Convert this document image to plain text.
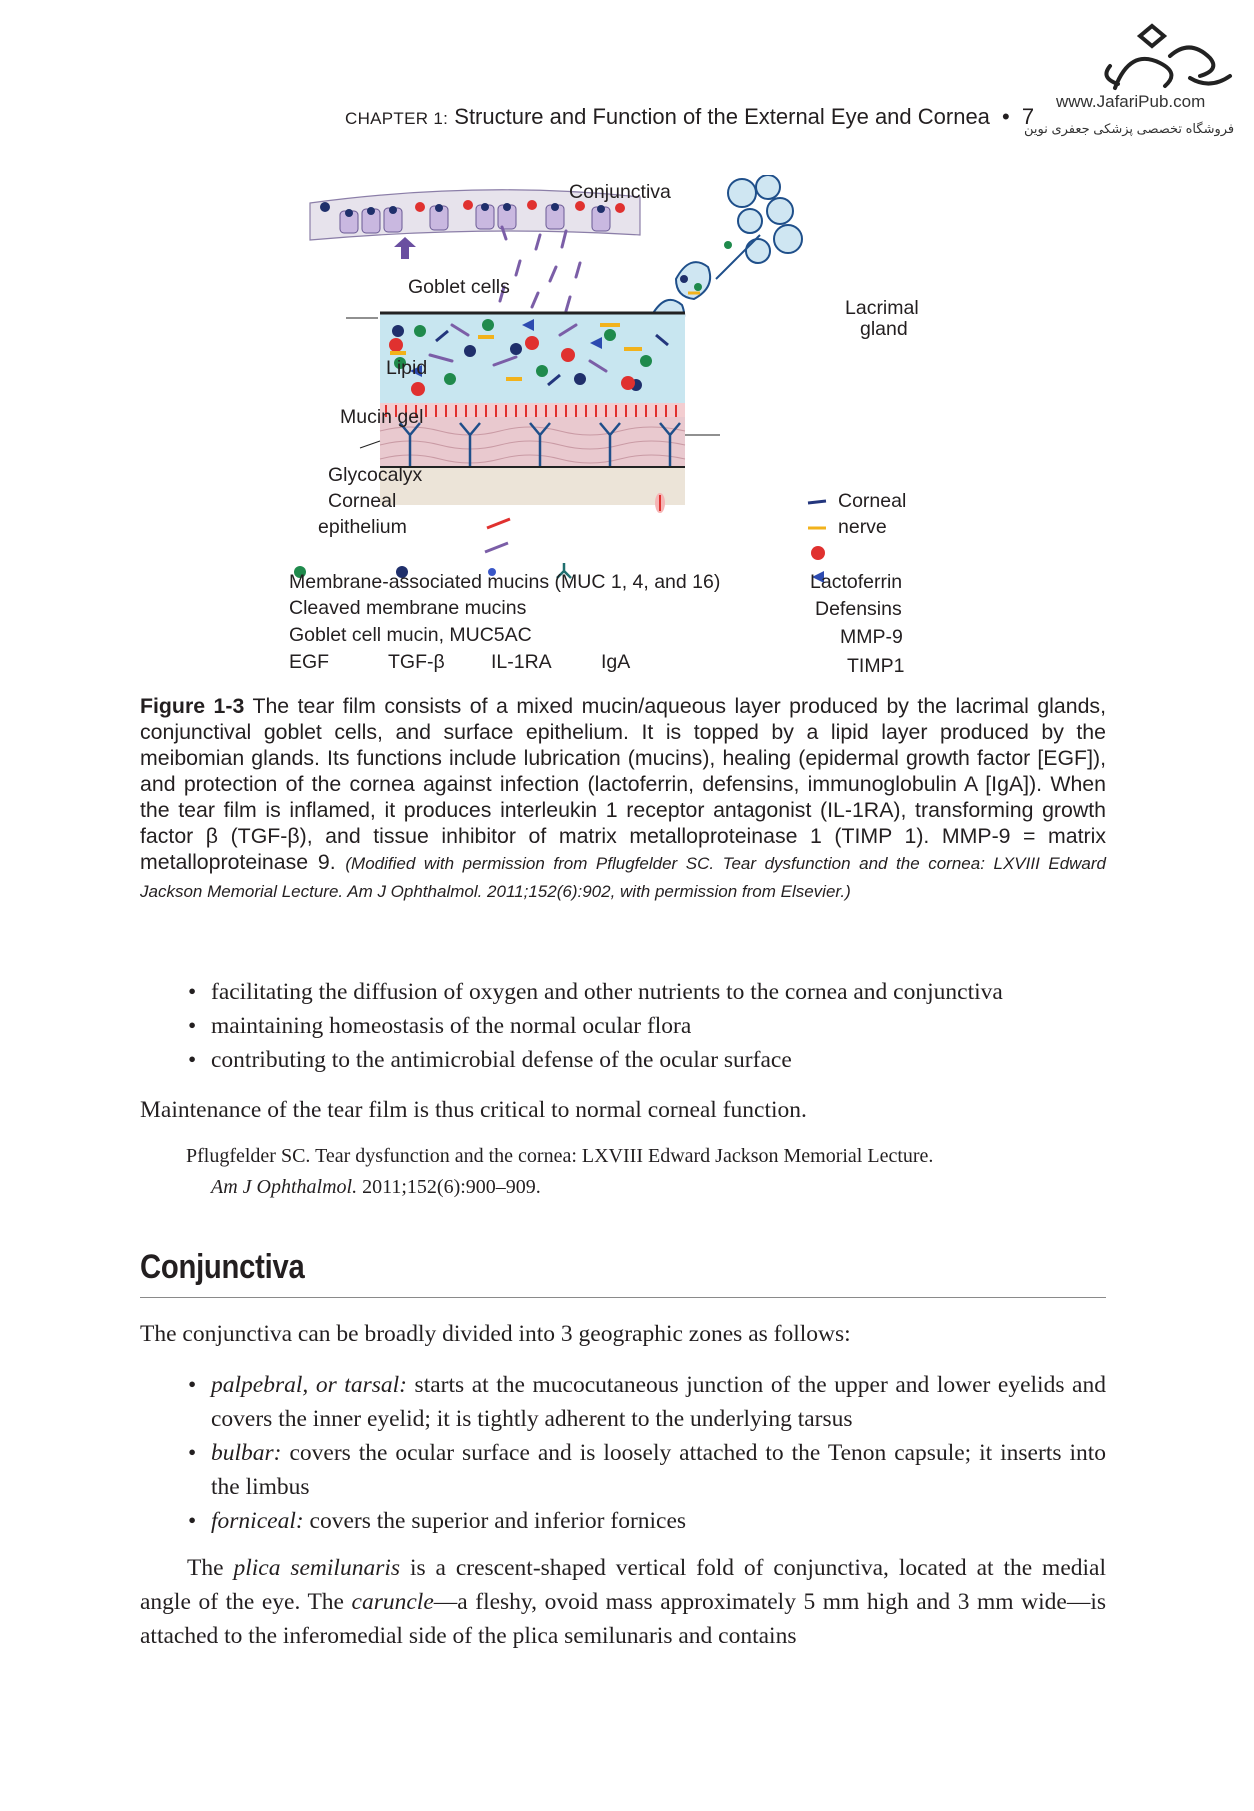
CHAPTER 1: Structure and Function of the External Eye and Cornea • 7
www.JafariPub.com
فروشگاه تخصصی پزشکی جعفری نوین
Conjunctiva
Goblet cells
Lacrimal
gland
Lipid
Mucin gel
Glycocalyx
Corneal
epithelium
Corneal
nerve
Membrane-associated mucins (MUC 1, 4, and 16)
Cleaved membrane mucins
Goblet cell mucin, MUC5AC
EGF	TGF-β IL-1RA	IgA
Lactoferrin
Defensins
MMP-9
TIMP1
Figure 1-3 The tear film consists of a mixed mucin/aqueous layer produced by the lacrimal glands, conjunctival goblet cells, and surface epithelium. It is topped by a lipid layer produced by the meibomian glands. Its functions include lubrication (mucins), healing (epidermal growth factor [EGF]), and protection of the cornea against infection (lactoferrin, defensins, immunoglobulin A [IgA]). When the tear film is inflamed, it produces interleukin 1 receptor antagonist (IL-1RA), transforming growth factor β (TGF-β), and tissue inhibitor of matrix metalloproteinase 1 (TIMP 1). MMP-9 = matrix metalloproteinase 9. (Modified with permission from Pflugfelder SC. Tear dysfunction and the cornea: LXVIII Edward Jackson Memorial Lecture. Am J Ophthalmol. 2011;152(6):902, with permission from Elsevier.)
• facilitating the diffusion of oxygen and other nutrients to the cornea and conjunctiva
• maintaining homeostasis of the normal ocular flora
• contributing to the antimicrobial defense of the ocular surface

Maintenance of the tear film is thus critical to normal corneal function.

Pflugfelder SC. Tear dysfunction and the cornea: LXVIII Edward Jackson Memorial Lecture.
Am J Ophthalmol. 2011;152(6):900–909.
Conjunctiva

The conjunctiva can be broadly divided into 3 geographic zones as follows:

• palpebral, or tarsal: starts at the mucocutaneous junction of the upper and lower eyelids and covers the inner eyelid; it is tightly adherent to the underlying tarsus
• bulbar: covers the ocular surface and is loosely attached to the Tenon capsule; it inserts into the limbus
• forniceal: covers the superior and inferior fornices

The plica semilunaris is a crescent-shaped vertical fold of conjunctiva, located at the medial angle of the eye. The caruncle—a fleshy, ovoid mass approximately 5 mm high and 3 mm wide—is attached to the inferomedial side of the plica semilunaris and contains
